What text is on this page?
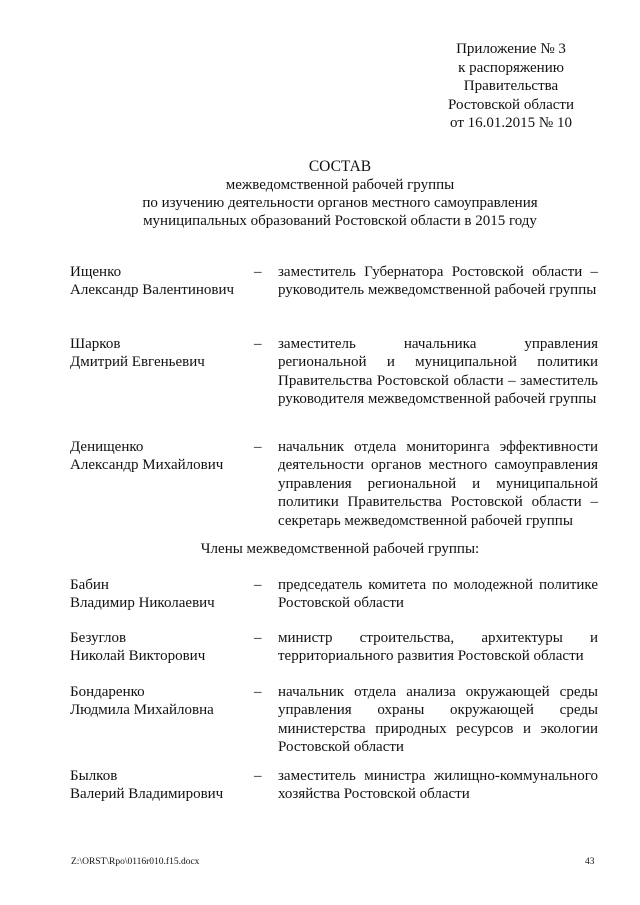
Приложение № 3
к распоряжению
Правительства
Ростовской области
от 16.01.2015 № 10
СОСТАВ
межведомственной рабочей группы
по изучению деятельности органов местного самоуправления
муниципальных образований Ростовской области в 2015 году
Ищенко
Александр Валентинович
– заместитель Губернатора Ростовской области – руководитель межведомственной рабочей группы
Шарков
Дмитрий Евгеньевич
– заместитель начальника управления региональной и муниципальной политики Правительства Ростовской области – заместитель руководителя межведомственной рабочей группы
Денищенко
Александр Михайлович
– начальник отдела мониторинга эффективности деятельности органов местного самоуправления управления региональной и муниципальной политики Правительства Ростовской области – секретарь межведомственной рабочей группы
Члены межведомственной рабочей группы:
Бабин
Владимир Николаевич
– председатель комитета по молодежной политике Ростовской области
Безуглов
Николай Викторович
– министр строительства, архитектуры и территориального развития Ростовской области
Бондаренко
Людмила Михайловна
– начальник отдела анализа окружающей среды управления охраны окружающей среды министерства природных ресурсов и экологии Ростовской области
Былков
Валерий Владимирович
– заместитель министра жилищно-коммунального хозяйства Ростовской области
Z:\ORST\Rpo\0116r010.f15.docx	43
